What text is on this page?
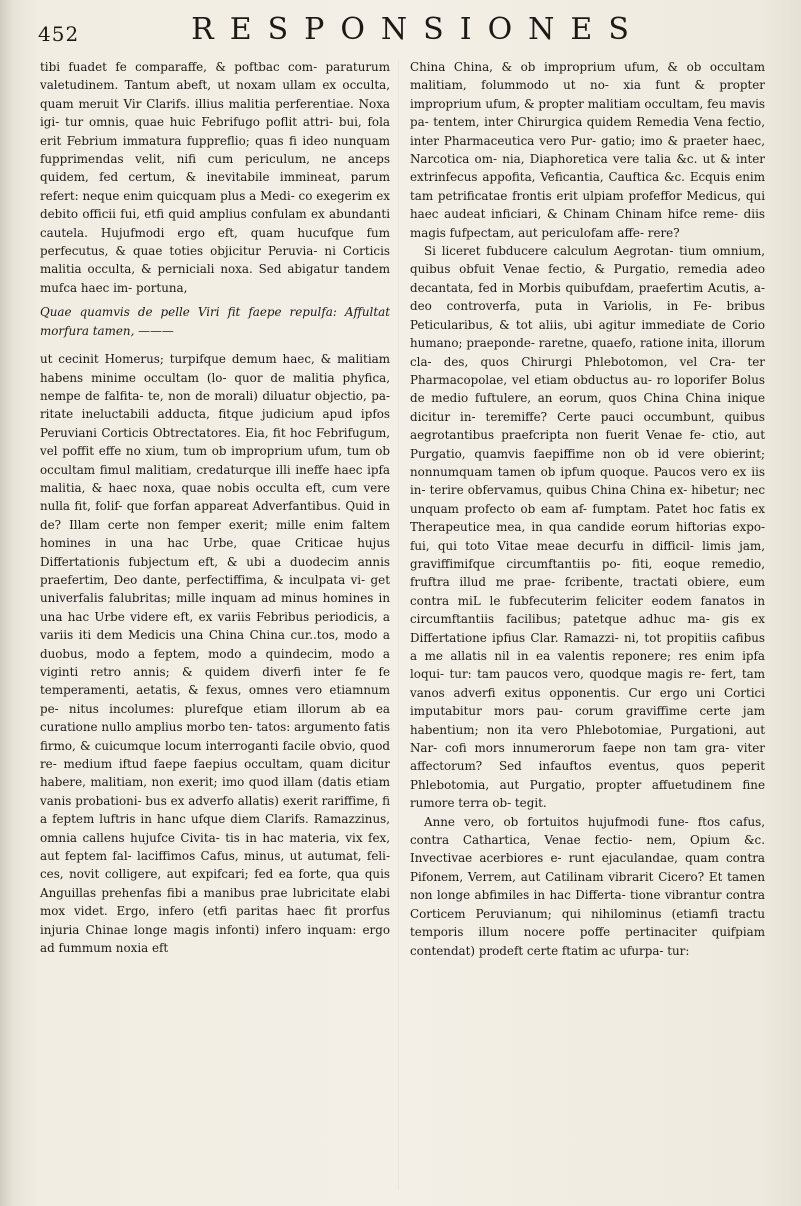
452	RESPONSIONES

tibi fuadet fe comparaffe, & poftbac com- paraturum valetudinem. Tantum abeft, ut noxam ullam ex occulta, quam meruit Vir Clarifs. illius malitia perferentiae. Noxa igi- tur omnis, quae huic Febrifugo poflit attri- bui, fola erit Febrium immatura fuppreflio; quas fi ideo nunquam fupprimendas velit, nifi cum periculum, ne anceps quidem, fed certum, & inevitabile immineat, parum refert: neque enim quicquam plus a Medi- co exegerim ex debito officii fui, etfi quid amplius confulam ex abundanti cautela. Hujufmodi ergo eft, quam hucufque fum perfecutus, & quae toties objicitur Peruvia- ni Corticis malitia occulta, & perniciali noxa. Sed abigatur tandem mufca haec im- portuna,

Quae quamvis de pelle Viri fit faepe repulfa: Affultat morfura tamen, ———

ut cecinit Homerus; turpifque demum haec, & malitiam habens minime occultam (lo- quor de malitia phyfica, nempe de falfita- te, non de morali) diluatur objectio, pa- ritate ineluctabili adducta, fitque judicium apud ipfos Peruviani Corticis Obtrectatores. Eia, fit hoc Febrifugum, vel poffit effe no xium, tum ob improprium ufum, tum ob occultam fimul malitiam, credaturque illi ineffe haec ipfa malitia, & haec noxa, quae nobis occulta eft, cum vere nulla fit, folif- que forfan appareat Adverfantibus. Quid in de? Illam certe non femper exerit; mille enim faltem homines in una hac Urbe, quae Criticae hujus Differtationis fubjectum eft, & ubi a duodecim annis praefertim, Deo dante, perfectiffima, & inculpata vi- get univerfalis falubritas; mille inquam ad minus homines in una hac Urbe videre eft, ex variis Febribus periodicis, a variis iti dem Medicis una China China cur..tos, modo a duobus, modo a feptem, modo a quindecim, modo a viginti retro annis; & quidem diverfi inter fe fe temperamenti, aetatis, & fexus, omnes vero etiamnum pe- nitus incolumes: plurefque etiam illorum ab ea curatione nullo amplius morbo ten- tatos: argumento fatis firmo, & cuicumque locum interroganti facile obvio, quod re- medium iftud faepe faepius occultam, quam dicitur habere, malitiam, non exerit; imo quod illam (datis etiam vanis probationi- bus ex adverfo allatis) exerit rariffime, fi a feptem luftris in hanc ufque diem Clarifs. Ramazzinus, omnia callens hujufce Civita- tis in hac materia, vix fex, aut feptem fal- laciffimos Cafus, minus, ut autumat, feli- ces, novit colligere, aut expifcari; fed ea forte, qua quis Anguillas prehenfas fibi a manibus prae lubricitate elabi mox videt. Ergo, infero (etfi paritas haec fit prorfus injuria Chinae longe magis infonti) infero inquam: ergo ad fummum noxia eft

China China, & ob improprium ufum, & ob occultam malitiam, folummodo ut no- xia funt & propter improprium ufum, & propter malitiam occultam, feu mavis pa- tentem, inter Chirurgica quidem Remedia Vena fectio, inter Pharmaceutica vero Pur- gatio; imo & praeter haec, Narcotica om- nia, Diaphoretica vere talia &c. ut & inter extrinfecus appofita, Veficantia, Cauftica &c. Ecquis enim tam petrificatae frontis erit ulpiam profeffor Medicus, qui haec audeat inficiari, & Chinam Chinam hifce reme- diis magis fufpectam, aut periculofam affe- rere?

Si liceret fubducere calculum Aegrotan- tium omnium, quibus obfuit Venae fectio, & Purgatio, remedia adeo decantata, fed in Morbis quibufdam, praefertim Acutis, a- deo controverfa, puta in Variolis, in Fe- bribus Peticularibus, & tot aliis, ubi agitur immediate de Corio humano; praeponde- raretne, quaefo, ratione inita, illorum cla- des, quos Chirurgi Phlebotomon, vel Cra- ter Pharmacopolae, vel etiam obductus au- ro loporifer Bolus de medio fuftulere, an eorum, quos China China inique dicitur in- teremiffe? Certe pauci occumbunt, quibus aegrotantibus praefcripta non fuerit Venae fe- ctio, aut Purgatio, quamvis faepiffime non ob id vere obierint; nonnumquam tamen ob ipfum quoque. Paucos vero ex iis in- terire obfervamus, quibus China China ex- hibetur; nec unquam profecto ob eam af- fumptam. Patet hoc fatis ex Therapeutice mea, in qua candide eorum hiftorias expo- fui, qui toto Vitae meae decurfu in difficil- limis jam, graviffimifque circumftantiis po- fiti, eoque remedio, fruftra illud me prae- fcribente, tractati obiere, eum contra miL le fubfecuterim feliciter eodem fanatos in circumftantiis facilibus; patetque adhuc ma- gis ex Differtatione ipfius Clar. Ramazzi- ni, tot propitiis cafibus a me allatis nil in ea valentis reponere; res enim ipfa loqui- tur: tam paucos vero, quodque magis re- fert, tam vanos adverfi exitus opponentis. Cur ergo uni Cortici imputabitur mors pau- corum graviffime certe jam habentium; non ita vero Phlebotomiae, Purgationi, aut Nar- cofi mors innumerorum faepe non tam gra- viter affectorum? Sed infauftos eventus, quos peperit Phlebotomia, aut Purgatio, propter affuetudinem fine rumore terra ob- tegit.

Anne vero, ob fortuitos hujufmodi fune- ftos cafus, contra Cathartica, Venae fectio- nem, Opium &c. Invectivae acerbiores e- runt ejaculandae, quam contra Pifonem, Verrem, aut Catilinam vibrarit Cicero? Et tamen non longe abfimiles in hac Differta- tione vibrantur contra Corticem Peruvianum; qui nihilominus (etiamfi tractu temporis illum nocere poffe pertinaciter quifpiam contendat) prodeft certe ftatim ac ufurpa- tur:
